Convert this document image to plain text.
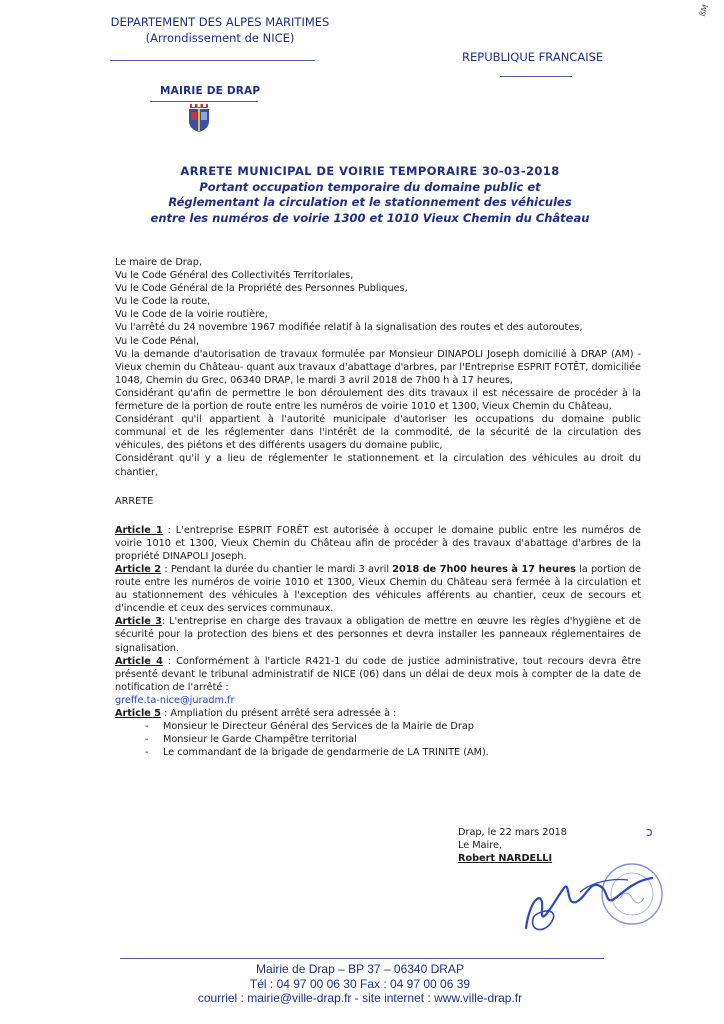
DEPARTEMENT DES ALPES MARITIMES
(Arrondissement de NICE)
REPUBLIQUE FRANCAISE
MAIRIE DE DRAP
ßM
ARRETE MUNICIPAL DE VOIRIE TEMPORAIRE 30-03-2018
Portant occupation temporaire du domaine public et
Réglementant la circulation et le stationnement des véhicules
entre les numéros de voirie 1300 et 1010 Vieux Chemin du Château

Le maire de Drap,

Vu le Code Général des Collectivités Territoriales,

Vu le Code Général de la Propriété des Personnes Publiques,

Vu le Code la route,

Vu le Code de la voirie routière,

Vu l'arrêté du 24 novembre 1967 modifiée relatif à la signalisation des routes et des autoroutes,

Vu le Code Pénal,

Vu la demande d'autorisation de travaux formulée par Monsieur DINAPOLI Joseph domicilié à DRAP (AM) - Vieux chemin du Château- quant aux travaux d'abattage d'arbres, par l'Entreprise ESPRIT FOTÊT, domiciliée 1048, Chemin du Grec, 06340 DRAP, le mardi 3 avril 2018 de 7h00 h à 17 heures,

Considérant qu'afin de permettre le bon déroulement des dits travaux il est nécessaire de procéder à la fermeture de la portion de route entre les numéros de voirie 1010 et 1300, Vieux Chemin du Château,

Considérant qu'il appartient à l'autorité municipale d'autoriser les occupations du domaine public communal et de les réglementer dans l'intérêt de la commodité, de la sécurité de la circulation des véhicules, des piétons et des différents usagers du domaine public,

Considérant qu'il y a lieu de réglementer le stationnement et la circulation des véhicules au droit du chantier,

ARRETE

Article 1 : L'entreprise ESPRIT FORÊT est autorisée à occuper le domaine public entre les numéros de voirie 1010 et 1300, Vieux Chemin du Château afin de procéder à des travaux d'abattage d'arbres de la propriété DINAPOLI Joseph.

Article 2 : Pendant la durée du chantier le mardi 3 avril 2018 de 7h00 heures à 17 heures la portion de route entre les numéros de voirie 1010 et 1300, Vieux Chemin du Château sera fermée à la circulation et au stationnement des véhicules à l'exception des véhicules afférents au chantier, ceux de secours et d'incendie et ceux des services communaux.

Article 3: L'entreprise en charge des travaux a obligation de mettre en œuvre les règles d'hygiène et de sécurité pour la protection des biens et des personnes et devra installer les panneaux réglementaires de signalisation.

Article 4 : Conformément à l'article R421-1 du code de justice administrative, tout recours devra être présenté devant le tribunal administratif de NICE (06) dans un délai de deux mois à compter de la date de notification de l'arrêté :

greffe.ta-nice@juradm.fr

Article 5 : Ampliation du présent arrêté sera adressée à :

- Monsieur le Directeur Général des Services de la Mairie de Drap
- Monsieur le Garde Champêtre territorial
- Le commandant de la brigade de gendarmerie de LA TRINITE (AM).
ↄ
Drap, le 22 mars 2018
Le Maire,
Robert NARDELLI
Mairie de Drap – BP 37 – 06340 DRAP
Tél : 04 97 00 06 30 Fax : 04 97 00 06 39
courriel : mairie@ville-drap.fr - site internet : www.ville-drap.fr
